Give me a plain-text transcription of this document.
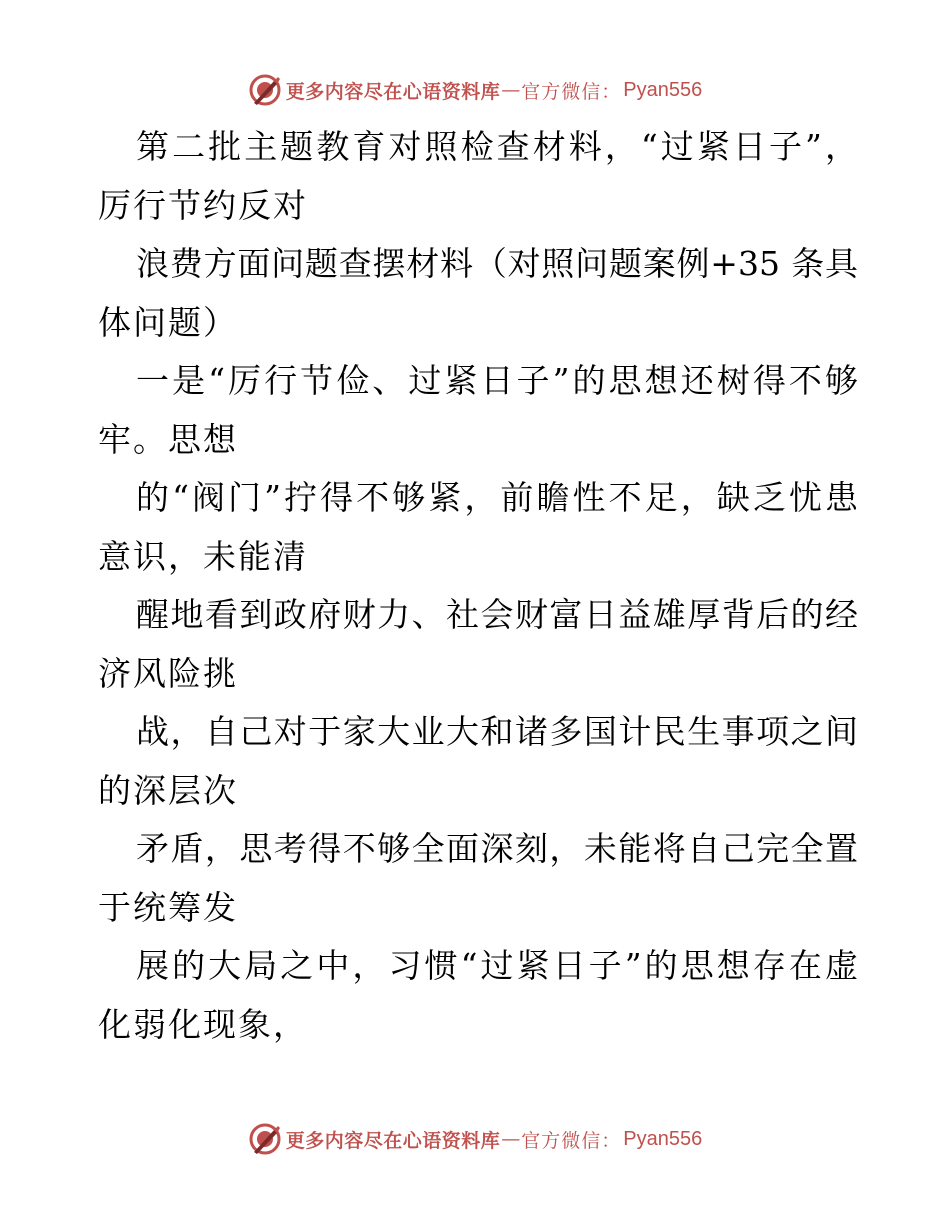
更多内容尽在心语资料库 — 官方微信： Pyan556
第二批主题教育对照检查材料，“过紧日子”，
厉行节约反对
浪费方面问题查摆材料（对照问题案例+35 条具
体问题）
一是“厉行节俭、过紧日子”的思想还树得不够
牢。思想
的“阀门”拧得不够紧，前瞻性不足，缺乏忧患
意识，未能清
醒地看到政府财力、社会财富日益雄厚背后的经
济风险挑
战，自己对于家大业大和诸多国计民生事项之间
的深层次
矛盾，思考得不够全面深刻，未能将自己完全置
于统筹发
展的大局之中，习惯“过紧日子”的思想存在虚
化弱化现象，
更多内容尽在心语资料库 — 官方微信： Pyan556
